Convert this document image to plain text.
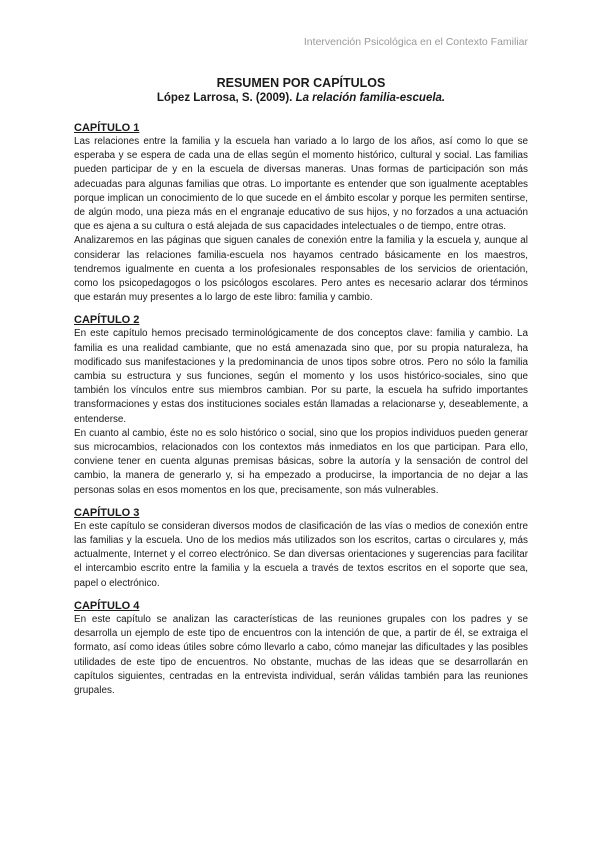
Intervención Psicológica en el Contexto Familiar

RESUMEN POR CAPÍTULOS

López Larrosa, S. (2009). La relación familia-escuela.

CAPÍTULO 1

Las relaciones entre la familia y la escuela han variado a lo largo de los años, así como lo que se esperaba y se espera de cada una de ellas según el momento histórico, cultural y social. Las familias pueden participar de y en la escuela de diversas maneras. Unas formas de participación son más adecuadas para algunas familias que otras. Lo importante es entender que son igualmente aceptables porque implican un conocimiento de lo que sucede en el ámbito escolar y porque les permiten sentirse, de algún modo, una pieza más en el engranaje educativo de sus hijos, y no forzados a una actuación que es ajena a su cultura o está alejada de sus capacidades intelectuales o de tiempo, entre otras.

Analizaremos en las páginas que siguen canales de conexión entre la familia y la escuela y, aunque al considerar las relaciones familia-escuela nos hayamos centrado básicamente en los maestros, tendremos igualmente en cuenta a los profesionales responsables de los servicios de orientación, como los psicopedagogos o los psicólogos escolares. Pero antes es necesario aclarar dos términos que estarán muy presentes a lo largo de este libro: familia y cambio.

CAPÍTULO 2

En este capítulo hemos precisado terminológicamente de dos conceptos clave: familia y cambio. La familia es una realidad cambiante, que no está amenazada sino que, por su propia naturaleza, ha modificado sus manifestaciones y la predominancia de unos tipos sobre otros. Pero no sólo la familia cambia su estructura y sus funciones, según el momento y los usos histórico-sociales, sino que también los vínculos entre sus miembros cambian. Por su parte, la escuela ha sufrido importantes transformaciones y estas dos instituciones sociales están llamadas a relacionarse y, deseablemente, a entenderse.

En cuanto al cambio, éste no es solo histórico o social, sino que los propios individuos pueden generar sus microcambios, relacionados con los contextos más inmediatos en los que participan. Para ello, conviene tener en cuenta algunas premisas básicas, sobre la autoría y la sensación de control del cambio, la manera de generarlo y, si ha empezado a producirse, la importancia de no dejar a las personas solas en esos momentos en los que, precisamente, son más vulnerables.

CAPÍTULO 3

En este capítulo se consideran diversos modos de clasificación de las vías o medios de conexión entre las familias y la escuela. Uno de los medios más utilizados son los escritos, cartas o circulares y, más actualmente, Internet y el correo electrónico. Se dan diversas orientaciones y sugerencias para facilitar el intercambio escrito entre la familia y la escuela a través de textos escritos en el soporte que sea, papel o electrónico.

CAPÍTULO 4

En este capítulo se analizan las características de las reuniones grupales con los padres y se desarrolla un ejemplo de este tipo de encuentros con la intención de que, a partir de él, se extraiga el formato, así como ideas útiles sobre cómo llevarlo a cabo, cómo manejar las dificultades y las posibles utilidades de este tipo de encuentros. No obstante, muchas de las ideas que se desarrollarán en capítulos siguientes, centradas en la entrevista individual, serán válidas también para las reuniones grupales.
